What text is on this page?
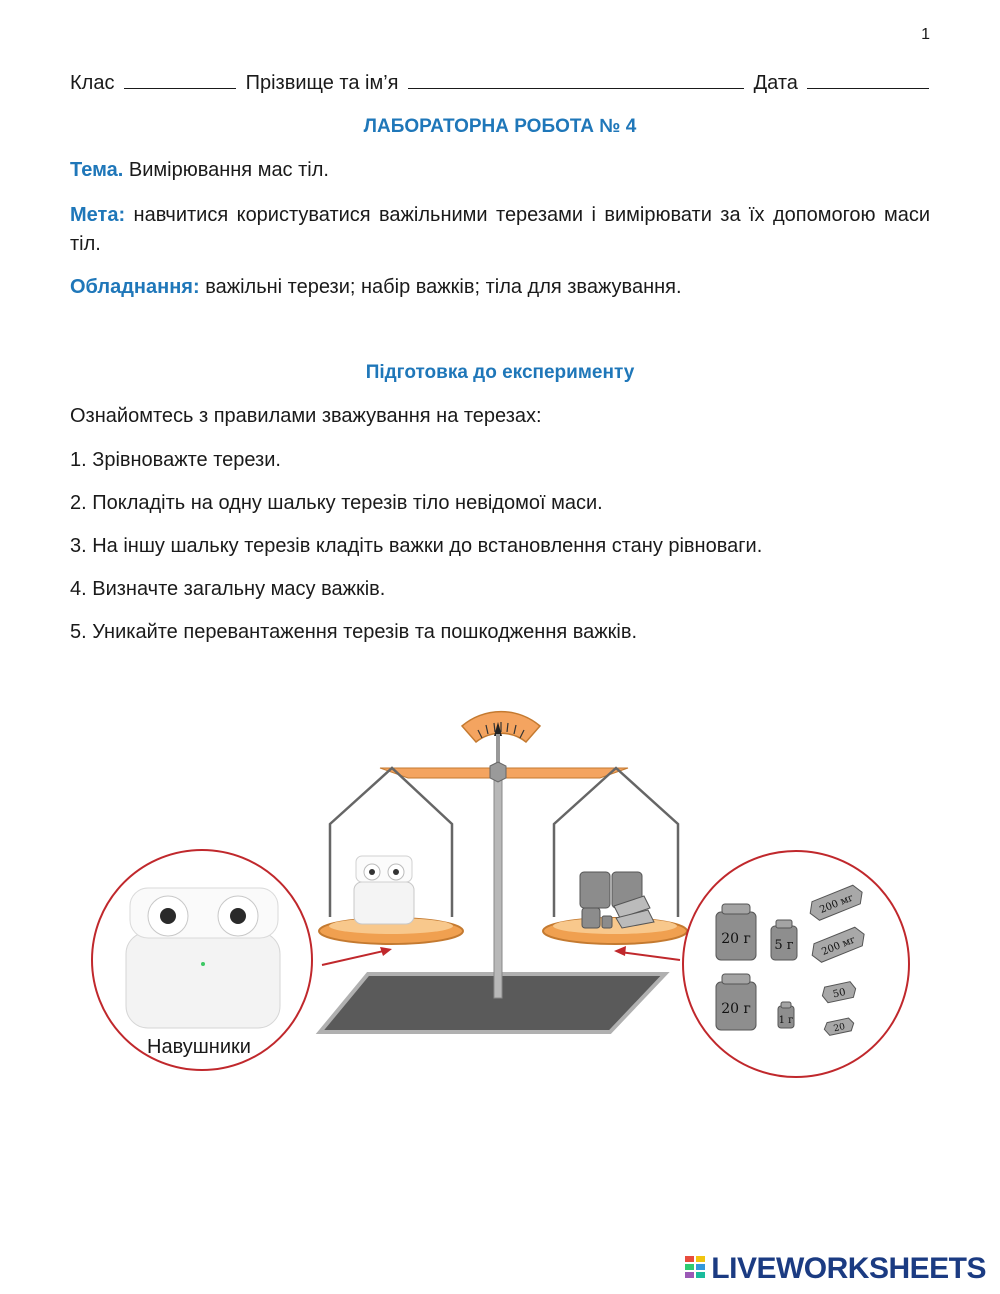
1
Клас	Прізвище та ім’я	Дата
ЛАБОРАТОРНА РОБОТА № 4
Тема. Вимірювання мас тіл.
Мета: навчитися користуватися важільними терезами і вимірювати за їх допомогою маси тіл.
Обладнання: важільні терези; набір важків; тіла для зважування.
Підготовка до експерименту
Ознайомтесь з правилами зважування на терезах:
1. Зрівноважте терези.
2. Покладіть на одну шальку терезів тіло невідомої маси.
3. На іншу шальку терезів кладіть важки до встановлення стану рівноваги.
4. Визначте загальну масу важків.
5. Уникайте перевантаження терезів та пошкодження важків.
20 г 5 г
20 г
1 г
200 мг
200 мг
50
20
Навушники
LIVEWORKSHEETS
